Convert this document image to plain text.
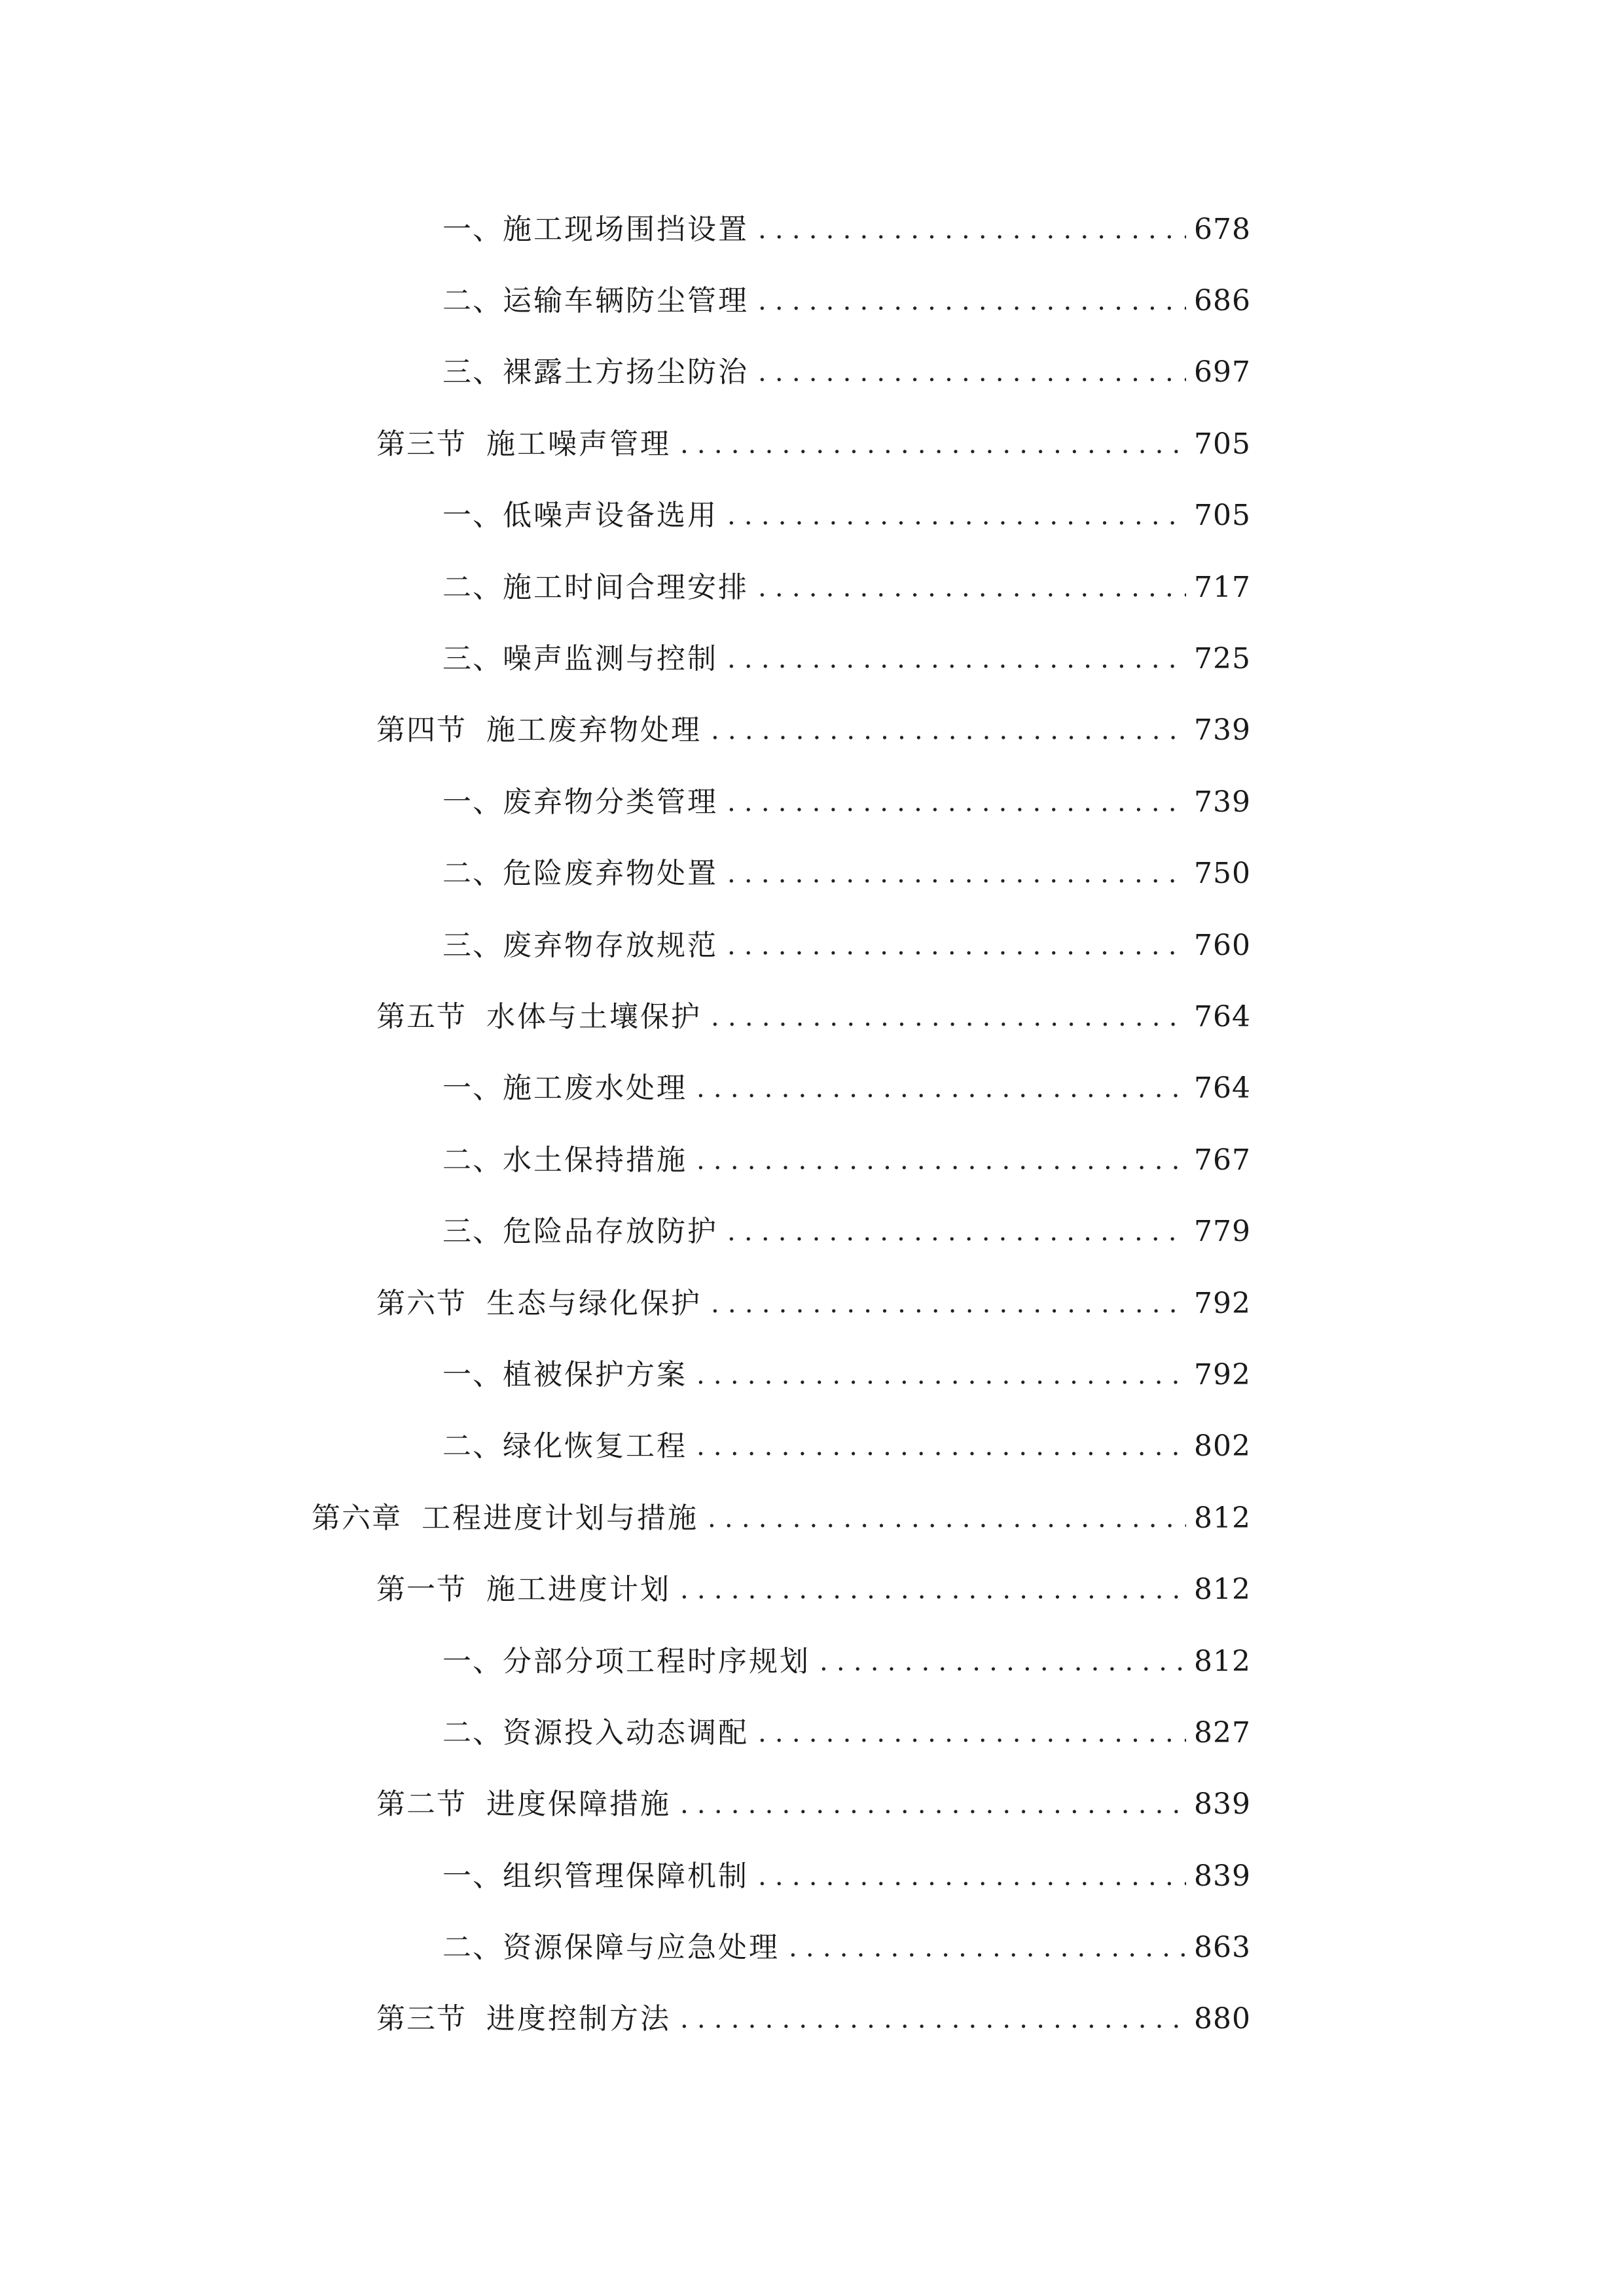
一、 施工现场围挡设置 .....	678
二、 运输车辆防尘管理 .....	686
三、 裸露土方扬尘防治 .....	697
第三节 施工噪声管理 .....	705
一、 低噪声设备选用 .....	705
二、 施工时间合理安排 .....	717
三、 噪声监测与控制 .....	725
第四节 施工废弃物处理 .....	739
一、 废弃物分类管理 .....	739
二、 危险废弃物处置 .....	750
三、 废弃物存放规范 .....	760
第五节 水体与土壤保护 .....	764
一、 施工废水处理 .....	764
二、 水土保持措施 .....	767
三、 危险品存放防护 .....	779
第六节 生态与绿化保护 .....	792
一、 植被保护方案 .....	792
二、 绿化恢复工程 .....	802
第六章 工程进度计划与措施 .....	812
第一节 施工进度计划 .....	812
一、 分部分项工程时序规划 .....	812
二、 资源投入动态调配 .....	827
第二节 进度保障措施 .....	839
一、 组织管理保障机制 .....	839
二、 资源保障与应急处理 .....	863
第三节 进度控制方法 .....	880
